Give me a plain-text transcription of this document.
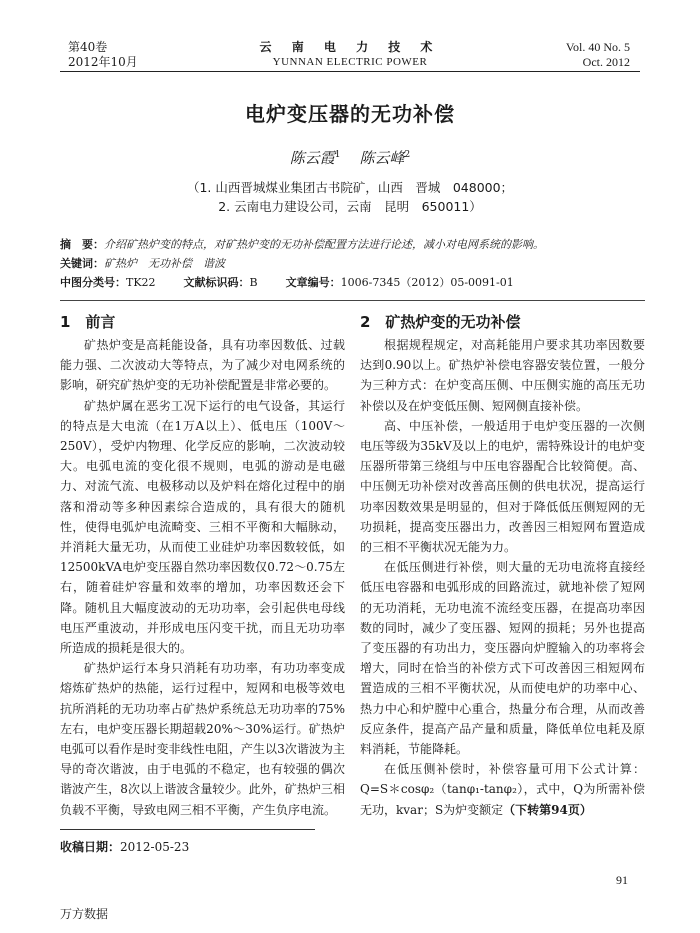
第40卷
2012年10月
云 南 电 力 技 术
YUNNAN ELECTRIC POWER
Vol. 40 No. 5
Oct. 2012
电炉变压器的无功补偿
陈云霞$^1$ 陈云峰$^2$
（1. 山西晋城煤业集团古书院矿，山西　晋城　048000；
2. 云南电力建设公司，云南　昆明　650011）
摘　要：介绍矿热炉变的特点，对矿热炉变的无功补偿配置方法进行论述，减小对电网系统的影响。
关键词：矿热炉　无功补偿　谐波
中图分类号：TK22	文献标识码：B	文章编号：1006-7345（2012）05-0091-01
1　前言

矿热炉变是高耗能设备，具有功率因数低、过载能力强、二次波动大等特点，为了减少对电网系统的影响，研究矿热炉变的无功补偿配置是非常必要的。

矿热炉属在恶劣工况下运行的电气设备，其运行的特点是大电流（在1万A以上）、低电压（100V～250V），受炉内物理、化学反应的影响，二次波动较大。电弧电流的变化很不规则，电弧的游动是电磁力、对流气流、电极移动以及炉料在熔化过程中的崩落和滑动等多种因素综合造成的，具有很大的随机性，使得电弧炉电流畸变、三相不平衡和大幅脉动，并消耗大量无功，从而使工业硅炉功率因数较低，如12500kVA电炉变压器自然功率因数仅0.72～0.75左右，随着硅炉容量和效率的增加，功率因数还会下降。随机且大幅度波动的无功功率，会引起供电母线电压严重波动，并形成电压闪变干扰，而且无功功率所造成的损耗是很大的。

矿热炉运行本身只消耗有功功率，有功功率变成熔炼矿热炉的热能，运行过程中，短网和电极等效电抗所消耗的无功功率占矿热炉系统总无功功率的75%左右，电炉变压器长期超载20%～30%运行。矿热炉电弧可以看作是时变非线性电阻，产生以3次谐波为主导的奇次谐波，由于电弧的不稳定，也有较强的偶次谐波产生，8次以上谐波含量较少。此外，矿热炉三相负载不平衡，导致电网三相不平衡，产生负序电流。

2　矿热炉变的无功补偿

根据规程规定，对高耗能用户要求其功率因数要达到0.90以上。矿热炉补偿电容器安装位置，一般分为三种方式：在炉变高压侧、中压侧实施的高压无功补偿以及在炉变低压侧、短网侧直接补偿。

高、中压补偿，一般适用于电炉变压器的一次侧电压等级为35kV及以上的电炉，需特殊设计的电炉变压器所带第三绕组与中压电容器配合比较简便。高、中压侧无功补偿对改善高压侧的供电状况，提高运行功率因数效果是明显的，但对于降低低压侧短网的无功损耗，提高变压器出力，改善因三相短网布置造成的三相不平衡状况无能为力。

在低压侧进行补偿，则大量的无功电流将直接经低压电容器和电弧形成的回路流过，就地补偿了短网的无功消耗，无功电流不流经变压器，在提高功率因数的同时，减少了变压器、短网的损耗；另外也提高了变压器的有功出力，变压器向炉膛输入的功率将会增大，同时在恰当的补偿方式下可改善因三相短网布置造成的三相不平衡状况，从而使电炉的功率中心、热力中心和炉膛中心重合，热量分布合理，从而改善反应条件，提高产品产量和质量，降低单位电耗及原料消耗，节能降耗。

在低压侧补偿时，补偿容量可用下公式计算：Q=S＊cosφ₂（tanφ₁-tanφ₂），式中，Q为所需补偿无功，kvar；S为炉变额定（下转第94页）

收稿日期：2012-05-23
91
万方数据
